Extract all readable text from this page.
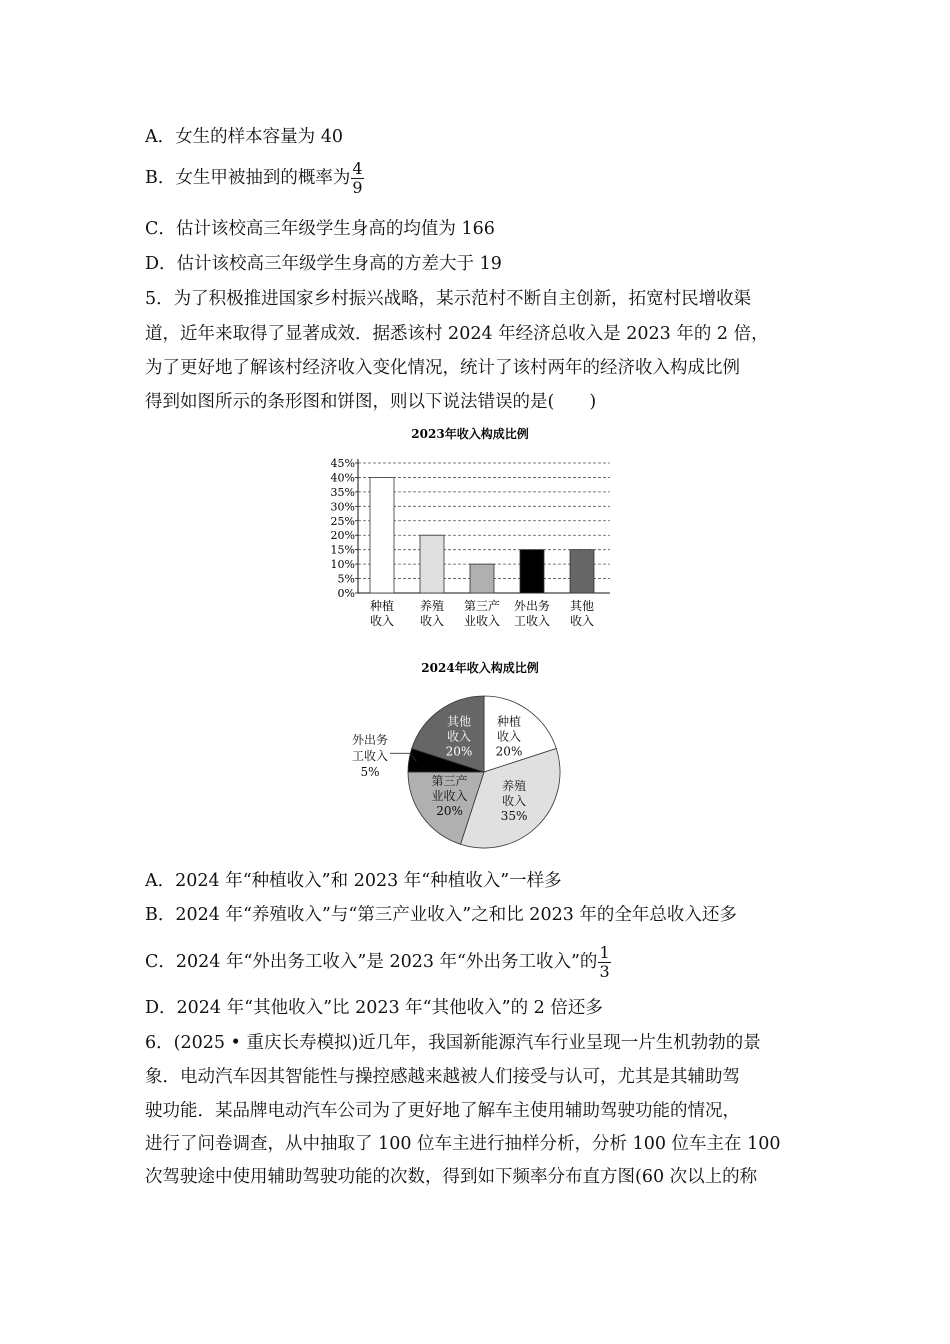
A．女生的样本容量为 40
B．女生甲被抽到的概率为 $\frac{4}{9}$
C．估计该校高三年级学生身高的均值为 166
D．估计该校高三年级学生身高的方差大于 19
5．为了积极推进国家乡村振兴战略，某示范村不断自主创新，拓宽村民增收渠
道，近年来取得了显著成效．据悉该村 2024 年经济总收入是 2023 年的 2 倍，
为了更好地了解该村经济收入变化情况，统计了该村两年的经济收入构成比例
得到如图所示的条形图和饼图，则以下说法错误的是(　　)
2023年收入构成比例
0%
5%
10%
15%
20%
25%
30%
35%
40%
45%
种植
收入
养殖
收入
第三产
业收入
外出务
工收入
其他
收入
2024年收入构成比例
种植
收入
20%
养殖
收入
35%
第三产
业收入
20%
外出务
工收入
5%
其他
收入
20%
A．2024 年“种植收入”和 2023 年“种植收入”一样多
B．2024 年“养殖收入”与“第三产业收入”之和比 2023 年的全年总收入还多
C．2024 年“外出务工收入”是 2023 年“外出务工收入”的 $\frac{1}{3}$
D．2024 年“其他收入”比 2023 年“其他收入”的 2 倍还多
6．(2025 • 重庆长寿模拟)近几年，我国新能源汽车行业呈现一片生机勃勃的景
象．电动汽车因其智能性与操控感越来越被人们接受与认可，尤其是其辅助驾
驶功能．某品牌电动汽车公司为了更好地了解车主使用辅助驾驶功能的情况，
进行了问卷调查，从中抽取了 100 位车主进行抽样分析，分析 100 位车主在 100
次驾驶途中使用辅助驾驶功能的次数，得到如下频率分布直方图(60 次以上的称
